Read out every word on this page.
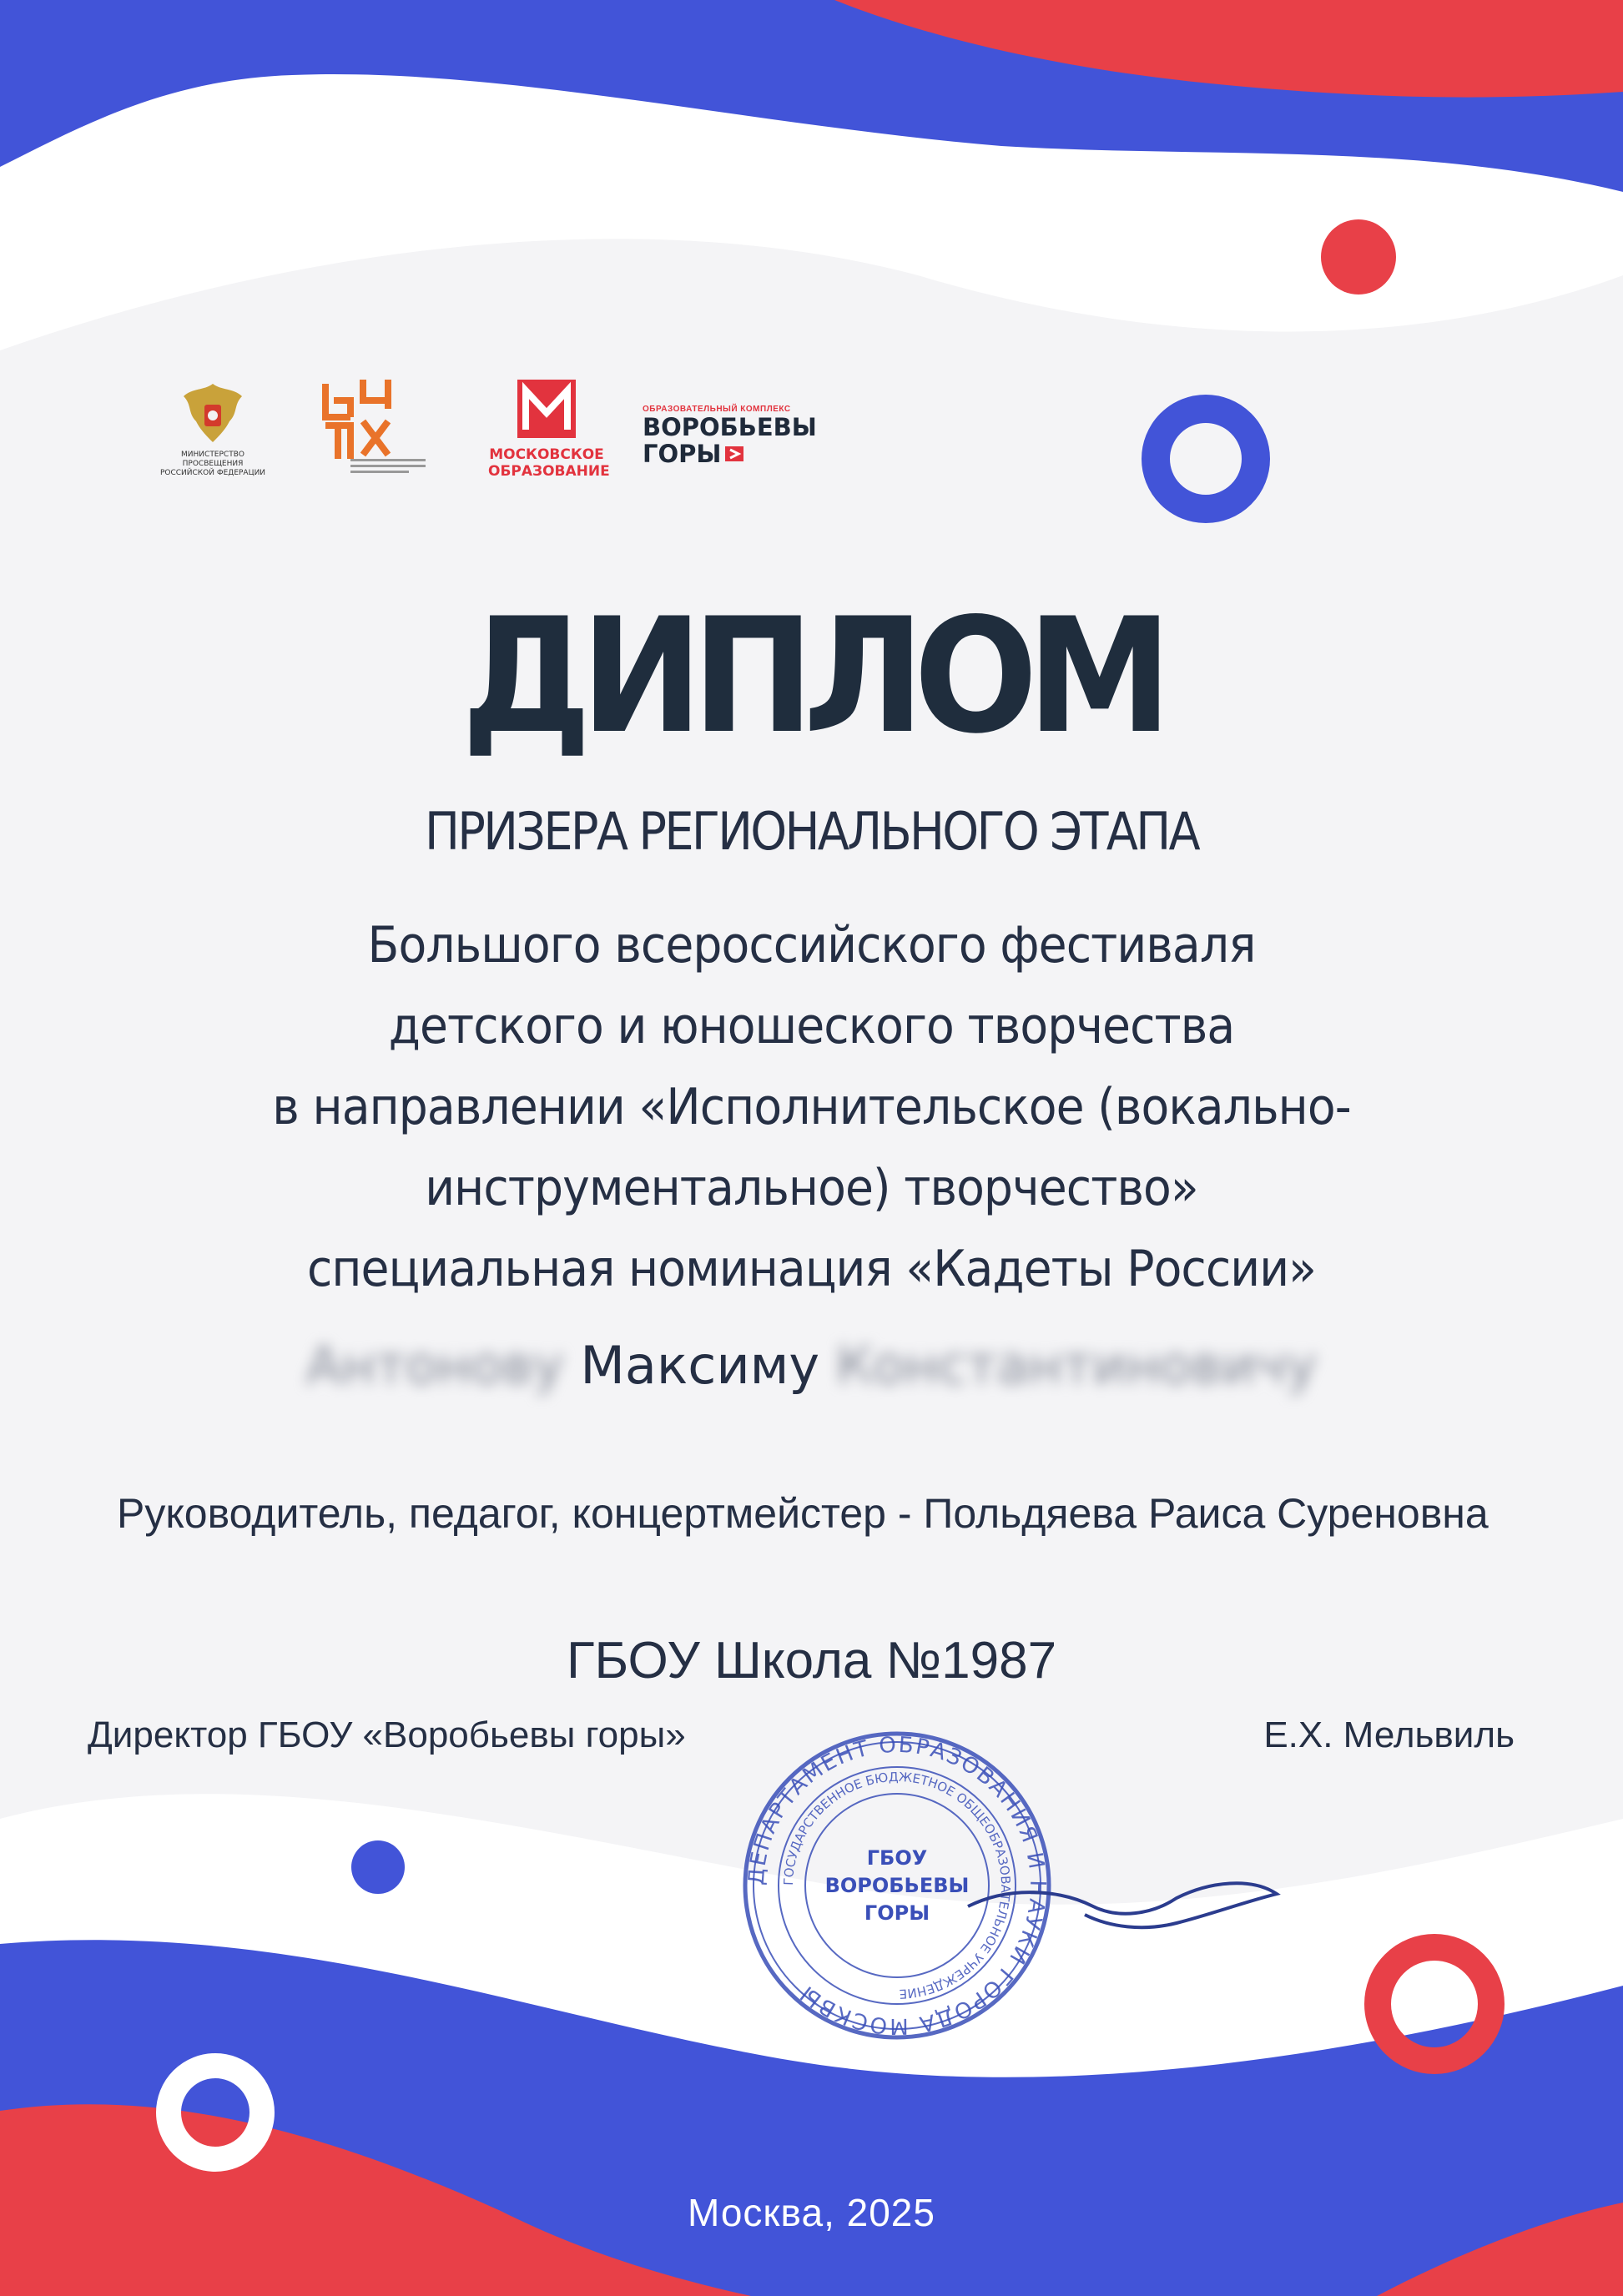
МИНИСТЕРСТВО ПРОСВЕЩЕНИЯ РОССИЙСКОЙ ФЕДЕРАЦИИ
МОСКОВСКОЕ
ОБРАЗОВАНИЕ
ОБРАЗОВАТЕЛЬНЫЙ КОМПЛЕКС
ВОРОБЬЕВЫ
ГОРЫ
ДИПЛОМ
ПРИЗЕРА РЕГИОНАЛЬНОГО ЭТАПА
Большого всероссийского фестиваля
детского и юношеского творчества
в направлении «Исполнительское (вокально-
инструментальное) творчество»
специальная номинация «Кадеты России»
Антонову Максиму Константиновичу
Руководитель, педагог, концертмейстер - Польдяева Раиса Суреновна
ГБОУ Школа №1987
Директор ГБОУ «Воробьевы горы»	Е.Х. Мельвиль
ДЕПАРТАМЕНТ ОБРАЗОВАНИЯ И НАУКИ ГОРОДА МОСКВЫ
ГОСУДАРСТВЕННОЕ БЮДЖЕТНОЕ ОБЩЕОБРАЗОВАТЕЛЬНОЕ УЧРЕЖДЕНИЕ
ГБОУ
ВОРОБЬЕВЫ
ГОРЫ
Москва, 2025
